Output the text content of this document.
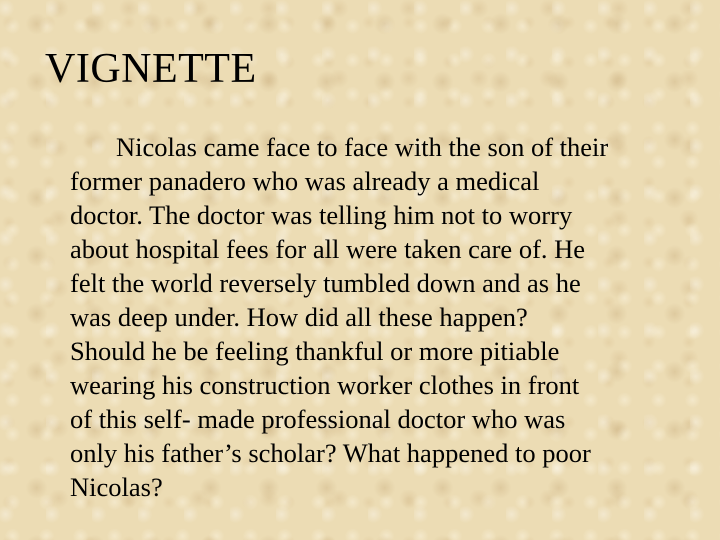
VIGNETTE

Nicolas came face to face with the son of their
former panadero who was already a medical
doctor. The doctor was telling him not to worry
about hospital fees for all were taken care of. He
felt the world reversely tumbled down and as he
was deep under. How did all these happen?
Should he be feeling thankful or more pitiable
wearing his construction worker clothes in front
of this self- made professional doctor who was
only his father’s scholar? What happened to poor
Nicolas?
